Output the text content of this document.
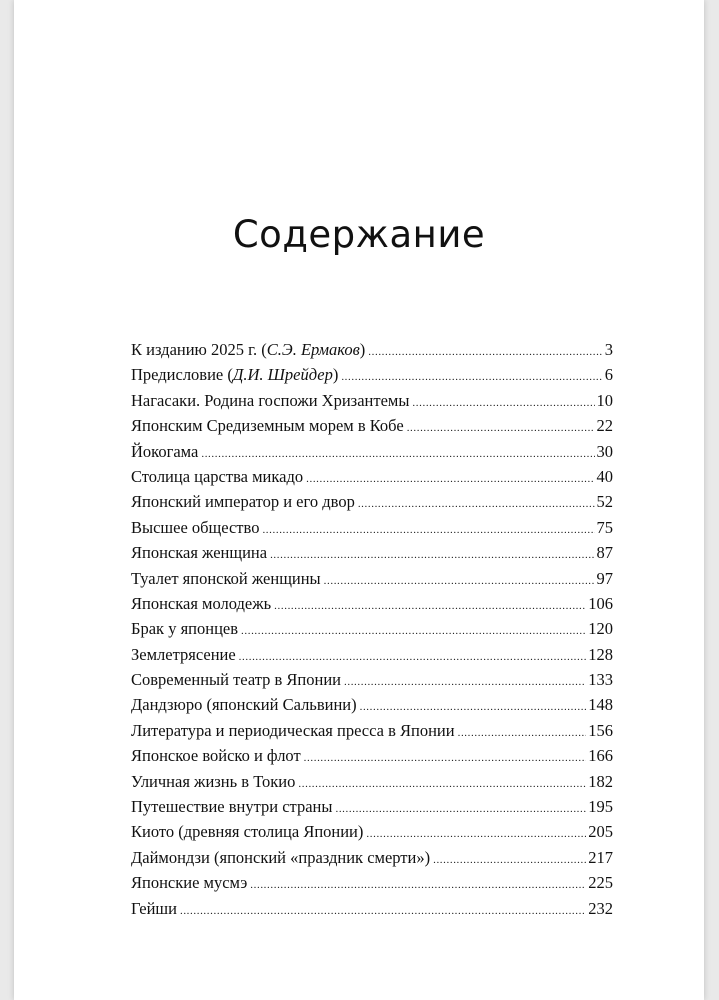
Содержание
К изданию 2025 г. (С.Э. Ермаков) .....	3
Предисловие (Д.И. Шрейдер) .....	6
Нагасаки. Родина госпожи Хризантемы .....	10
Японским Средиземным морем в Кобе .....	22
Йокогама .....	30
Столица царства микадо .....	40
Японский император и его двор .....	52
Высшее общество .....	75
Японская женщина .....	87
Туалет японской женщины .....	97
Японская молодежь .....	106
Брак у японцев .....	120
Землетрясение .....	128
Современный театр в Японии .....	133
Дандзюро (японский Сальвини) .....	148
Литература и периодическая пресса в Японии .....	156
Японское войско и флот .....	166
Уличная жизнь в Токио .....	182
Путешествие внутри страны .....	195
Киото (древняя столица Японии) .....	205
Даймондзи (японский «праздник смерти») .....	217
Японские мусмэ .....	225
Гейши .....	232
